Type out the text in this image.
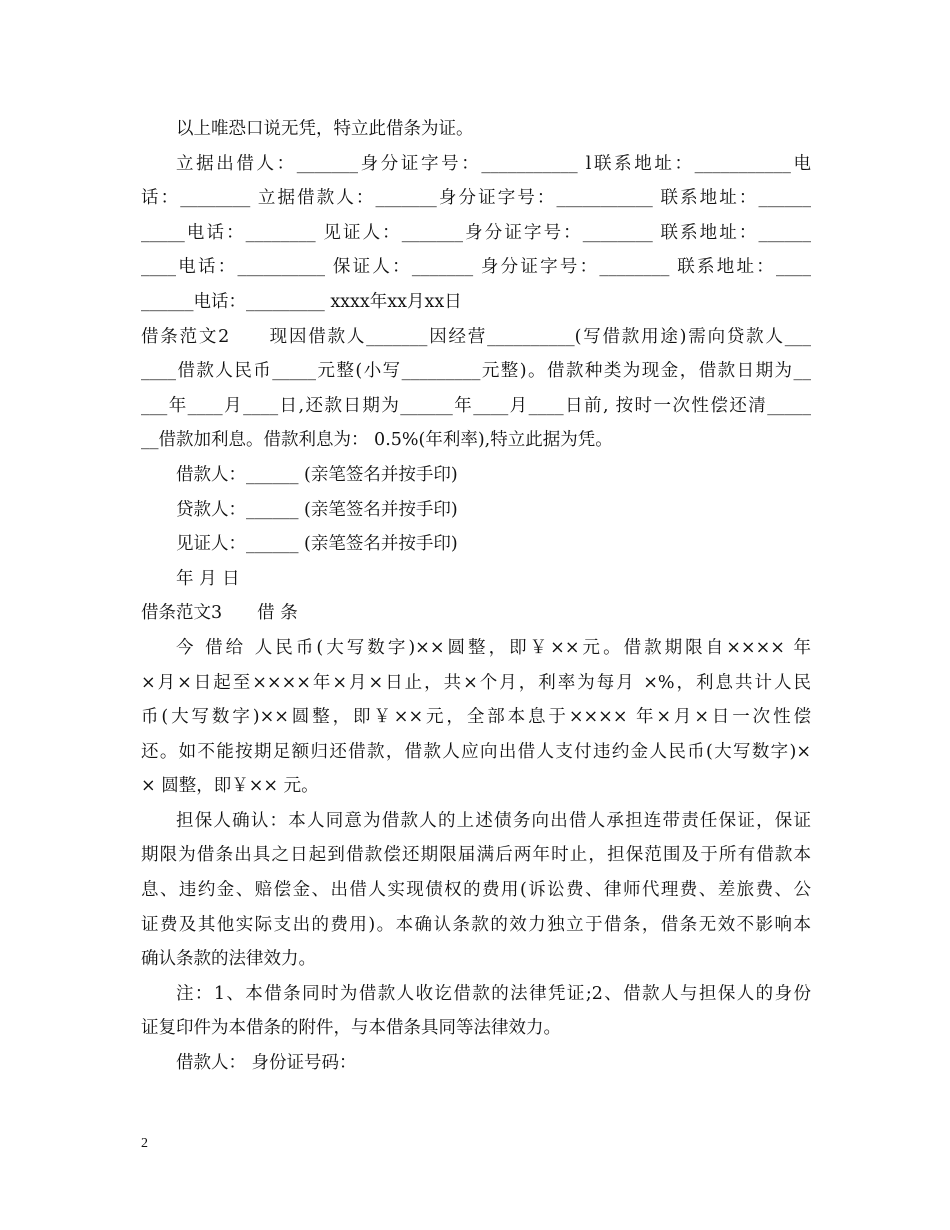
以上唯恐口说无凭，特立此借条为证。
立据出借人：_______身分证字号：___________ l联系地址：___________电
话：________ 立据借款人：_______身分证字号：___________ 联系地址：______
_____电话：________ 见证人：_______身分证字号：________ 联系地址：______
____电话：__________ 保证人：_______ 身分证字号：________ 联系地址：____
______电话：_________ xxxx年xx月xx日
借条范文2　　现因借款人_______因经营__________(写借款用途)需向贷款人___
____借款人民币_____元整(小写_________元整)。借款种类为现金，借款日期为__
___年____月____日,还款日期为______年____月____日前, 按时一次性偿还清_____
__借款加利息。借款利息为： 0.5%(年利率),特立此据为凭。
借款人：______ (亲笔签名并按手印)
贷款人：______ (亲笔签名并按手印)
见证人：______ (亲笔签名并按手印)
年 月 日
借条范文3　　借 条
今 借给 人民币(大写数字)××圆整，即￥××元。借款期限自×××× 年
×月×日起至××××年×月×日止，共×个月，利率为每月 ×%，利息共计人民
币(大写数字)××圆整，即￥××元，全部本息于×××× 年×月×日一次性偿
还。如不能按期足额归还借款，借款人应向出借人支付违约金人民币(大写数字)×
× 圆整，即￥×× 元。
担保人确认：本人同意为借款人的上述债务向出借人承担连带责任保证，保证
期限为借条出具之日起到借款偿还期限届满后两年时止，担保范围及于所有借款本
息、违约金、赔偿金、出借人实现债权的费用(诉讼费、律师代理费、差旅费、公
证费及其他实际支出的费用)。本确认条款的效力独立于借条，借条无效不影响本
确认条款的法律效力。
注：1、本借条同时为借款人收讫借款的法律凭证;2、借款人与担保人的身份
证复印件为本借条的附件，与本借条具同等法律效力。
借款人： 身份证号码：
2
